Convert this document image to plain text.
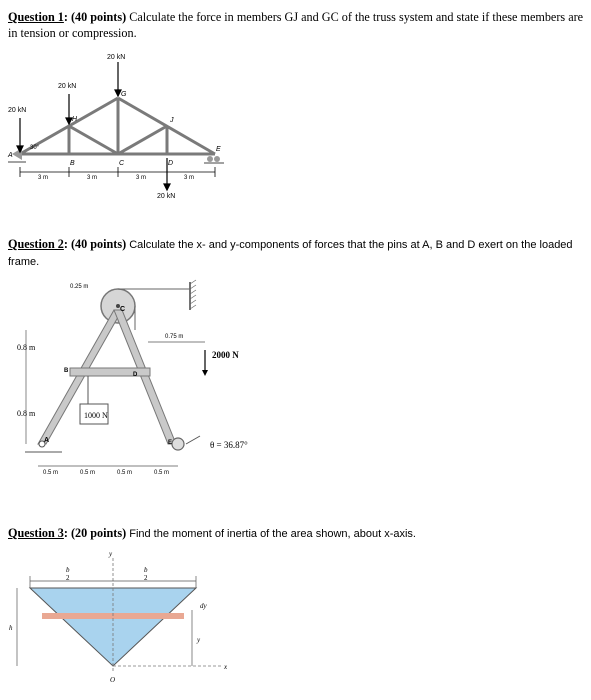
Question 1: (40 points) Calculate the force in members GJ and GC of the truss system and state if these members are in tension or compression.
20 kN
20 kN
20 kN
20 kN
30°
A
B	C	D
E
G
H	J
3 m	3 m	3 m	3 m
Question 2: (40 points) Calculate the x- and y-components of forces that the pins at A, B and D exert on the loaded frame.
1000 N
2000 N
0.25 m
0.75 m
0.8 m
0.8 m
θ = 36.87°
A
B
C
D
E
0.5 m	0.5 m	0.5 m	0.5 m
Question 3: (20 points) Find the moment of inertia of the area shown, about x-axis.
b
2
b
2
y
x
h
dy
y
O
